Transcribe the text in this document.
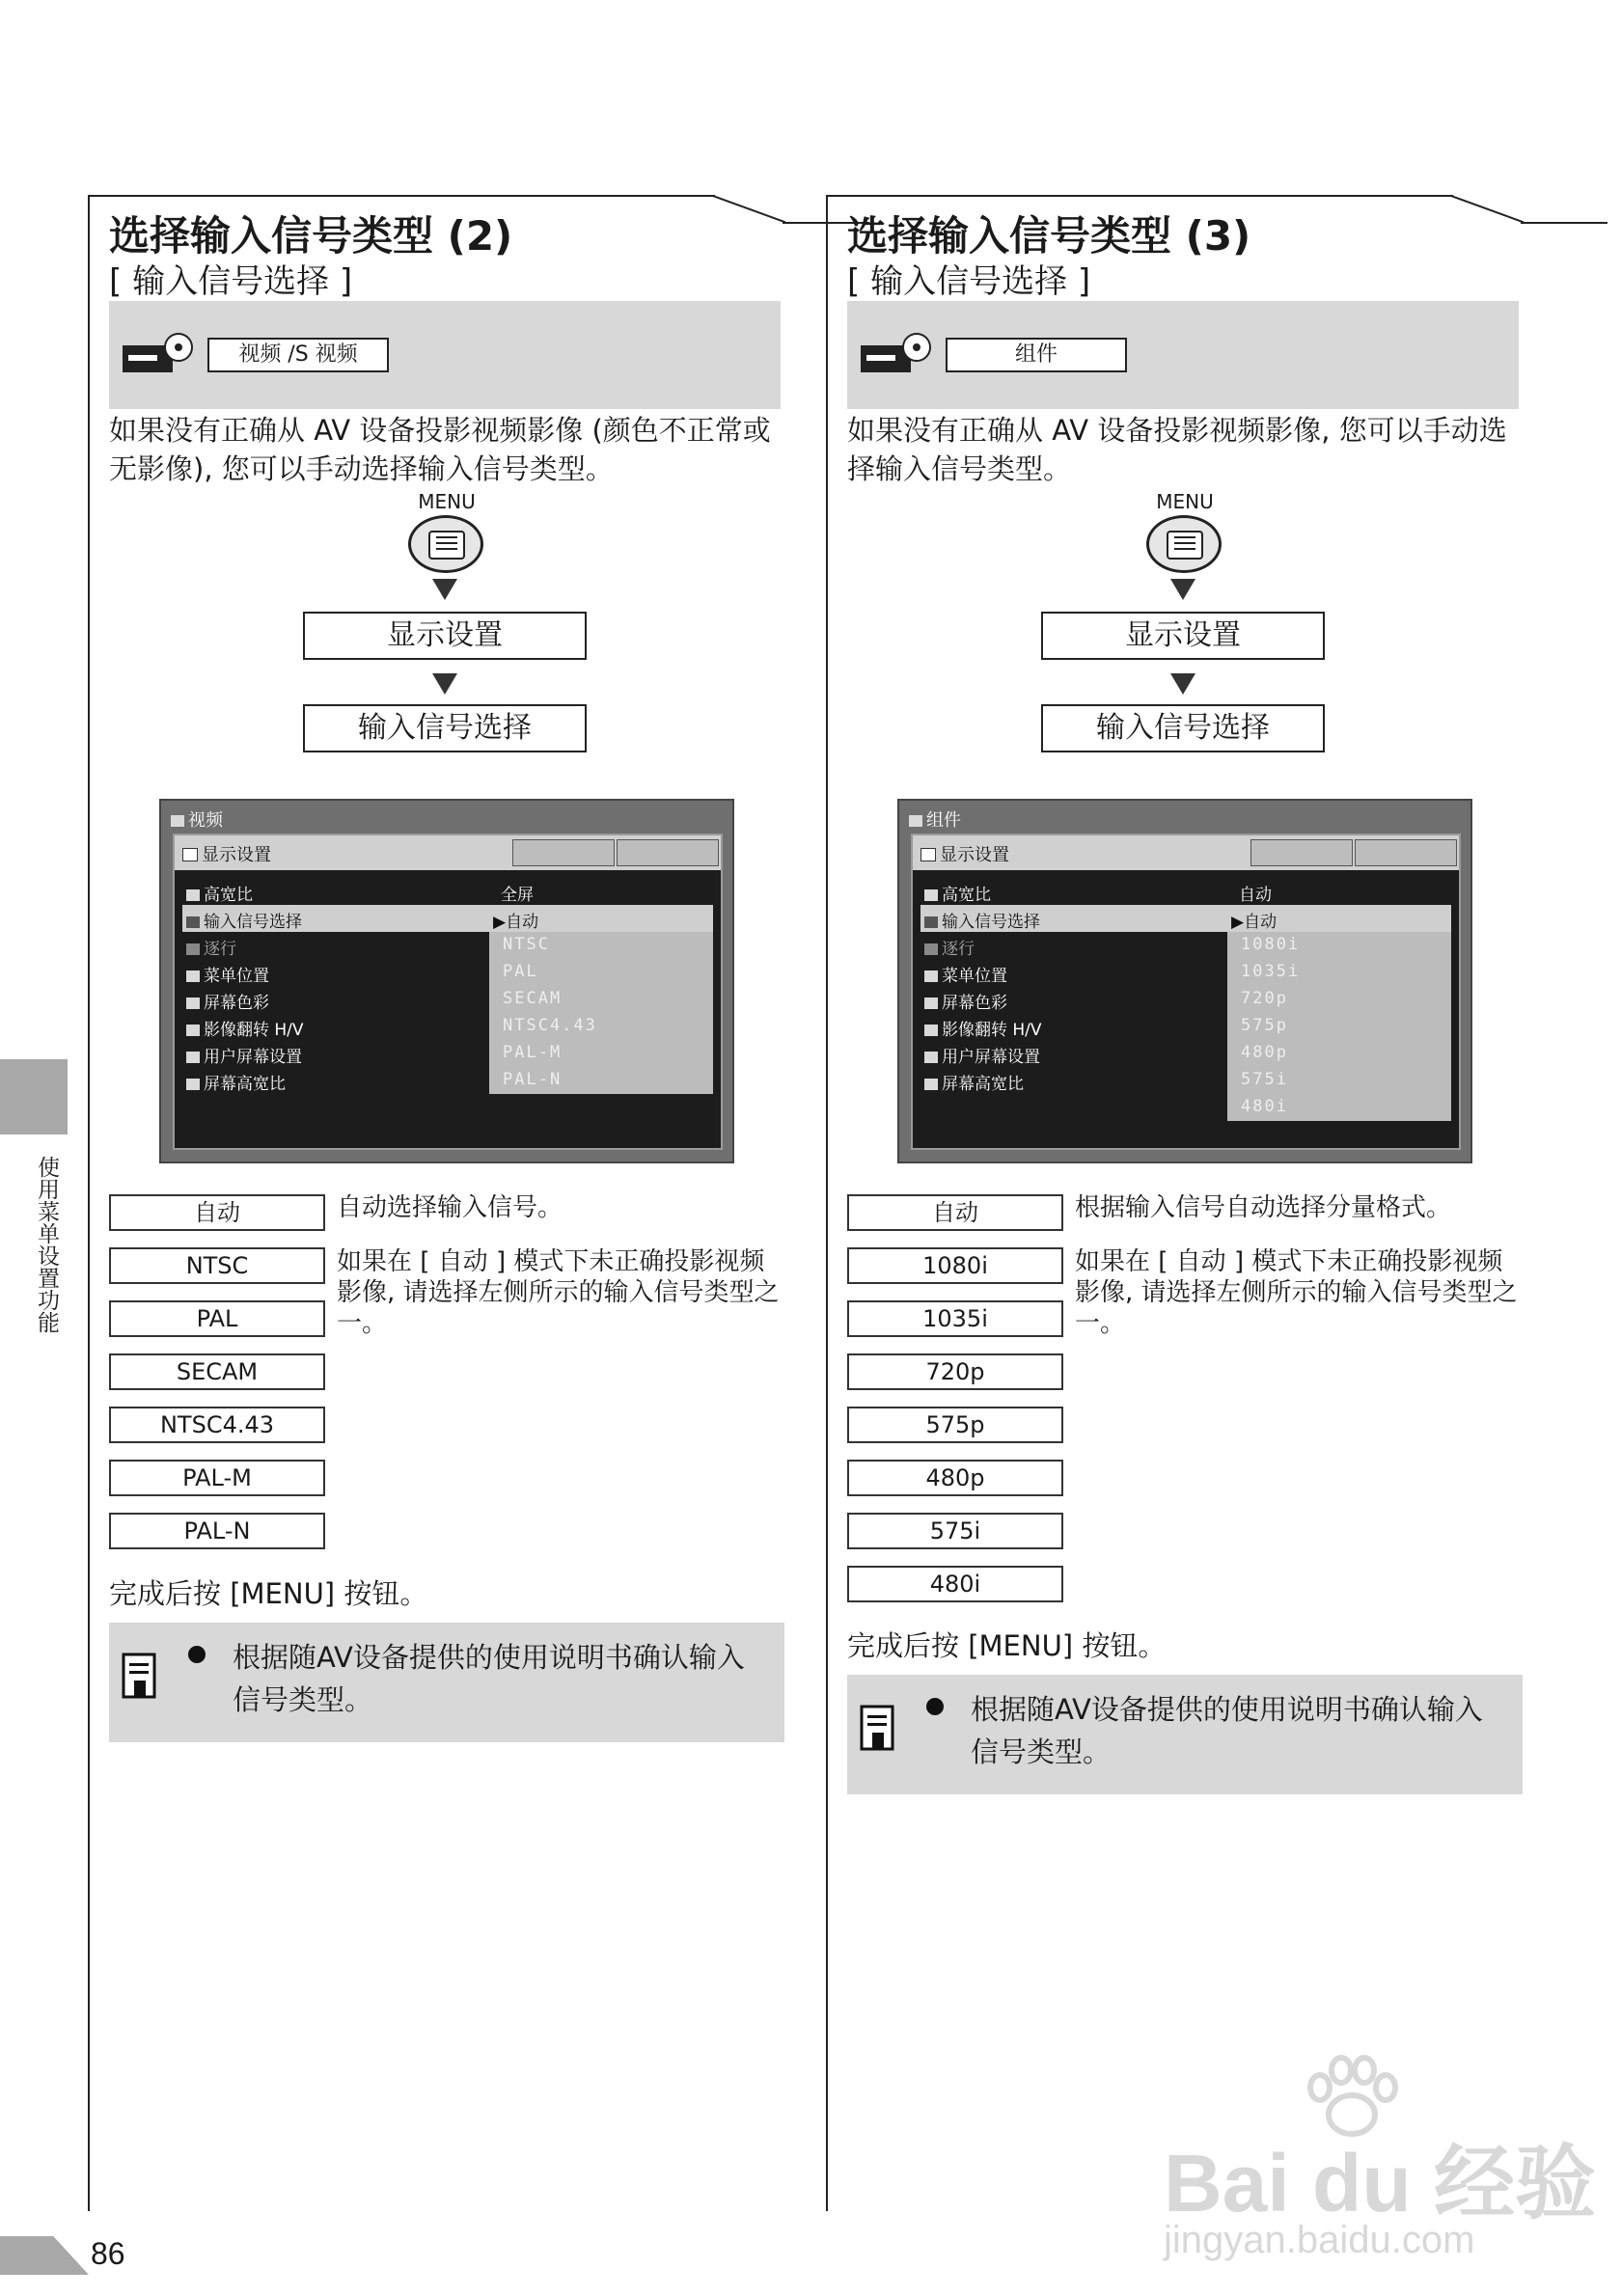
使用菜单设置功能
选择输入信号类型 (2)
[ 输入信号选择 ]
视频 /S 视频
如果没有正确从 AV 设备投影视频影像 (颜色不正常或无影像), 您可以手动选择输入信号类型。
MENU
显示设置
输入信号选择
视频
显示设置
高宽比	全屏
输入信号选择	▶自动
逐行
菜单位置
屏幕色彩
影像翻转 H/V
用户屏幕设置
屏幕高宽比
NTSC
PAL
SECAM
NTSC4.43
PAL-M
PAL-N
自动
NTSC
PAL
SECAM
NTSC4.43
PAL-M
PAL-N
自动选择输入信号。
如果在 [ 自动 ] 模式下未正确投影视频影像, 请选择左侧所示的输入信号类型之一。
完成后按 [MENU] 按钮。
根据随AV设备提供的使用说明书确认输入信号类型。
选择输入信号类型 (3)
[ 输入信号选择 ]
组件
如果没有正确从 AV 设备投影视频影像, 您可以手动选择输入信号类型。
MENU
显示设置
输入信号选择
组件
显示设置
高宽比	自动
输入信号选择	▶自动
逐行
菜单位置
屏幕色彩
影像翻转 H/V
用户屏幕设置
屏幕高宽比
1080i
1035i
720p
575p
480p
575i
480i
自动
1080i
1035i
720p
575p
480p
575i
480i
根据输入信号自动选择分量格式。
如果在 [ 自动 ] 模式下未正确投影视频影像, 请选择左侧所示的输入信号类型之一。
完成后按 [MENU] 按钮。
根据随AV设备提供的使用说明书确认输入信号类型。
86
Bai du 经验
jingyan.baidu.com
